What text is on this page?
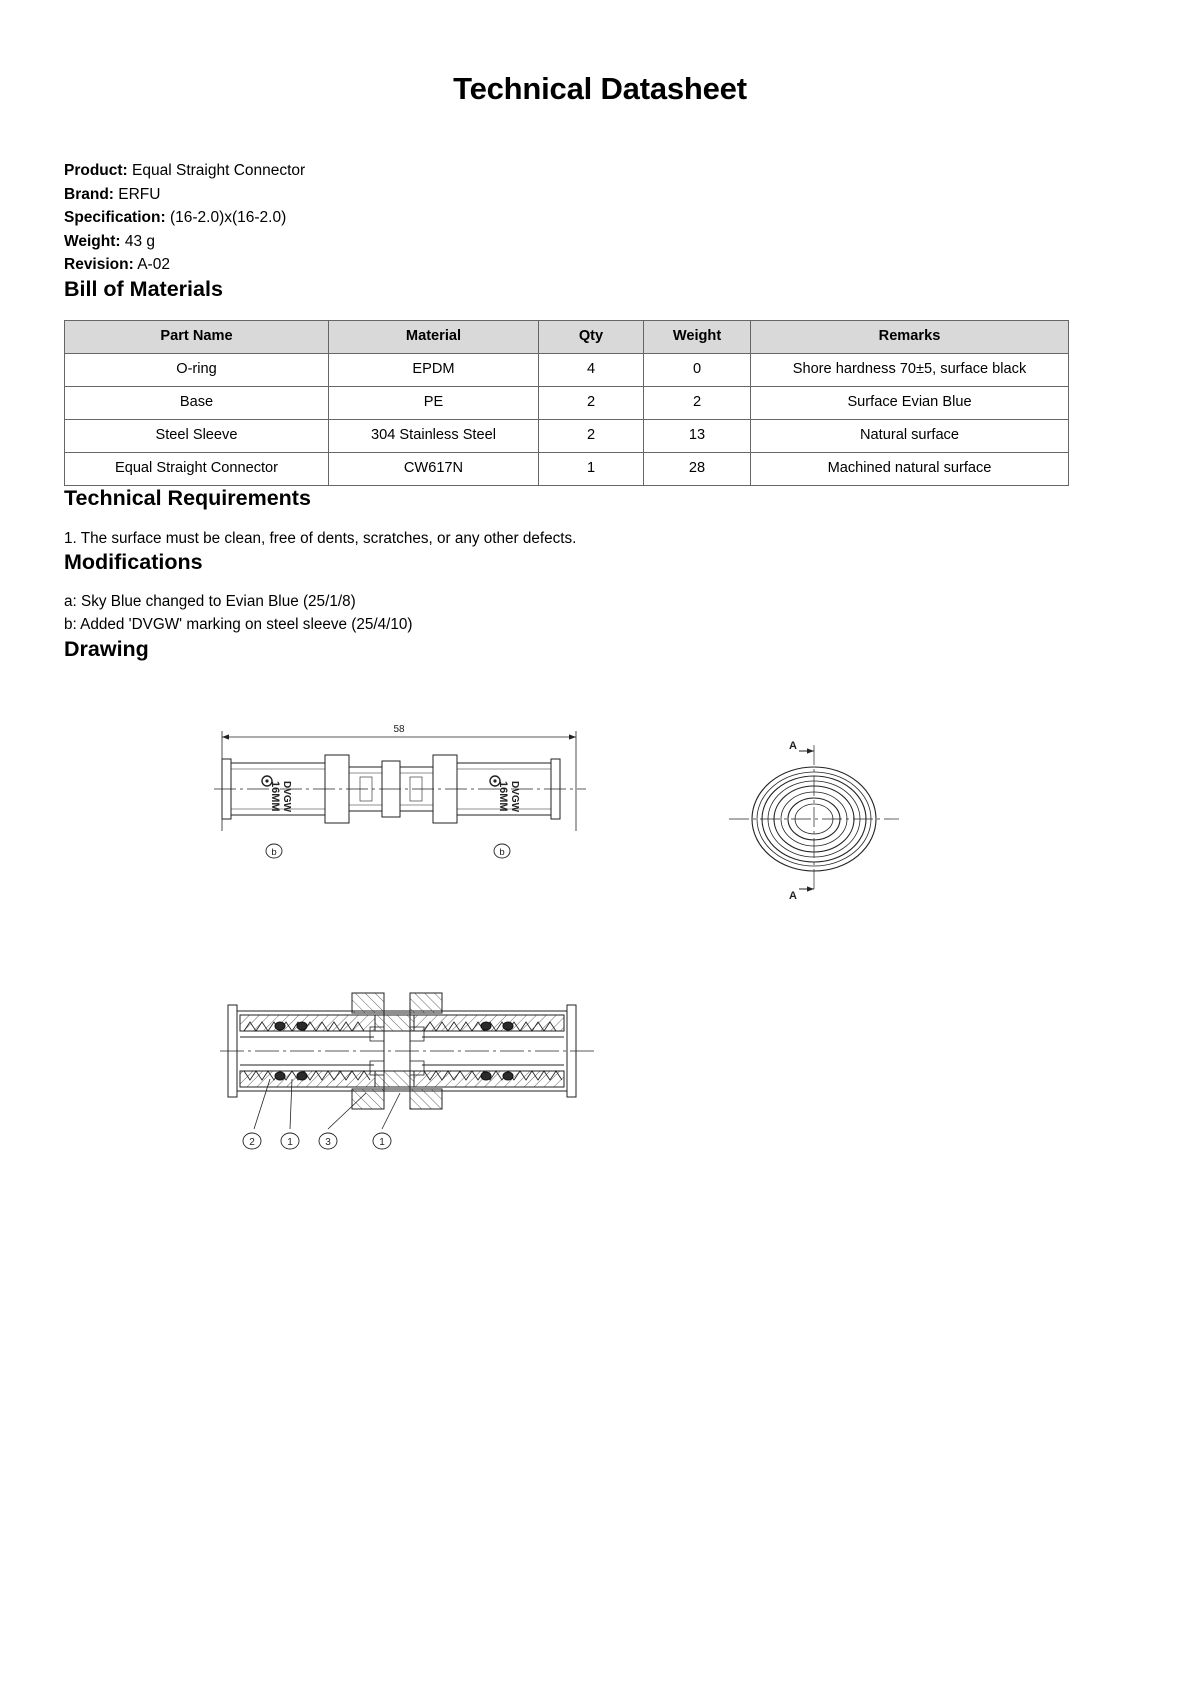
Technical Datasheet
Product: Equal Straight Connector
Brand: ERFU
Specification: (16-2.0)x(16-2.0)
Weight: 43 g
Revision: A-02
Bill of Materials
Part Name	Material	Qty	Weight	Remarks
O-ring	EPDM	4	0	Shore hardness 70±5, surface black
Base	PE	2	2	Surface Evian Blue
Steel Sleeve	304 Stainless Steel	2	13	Natural surface
Equal Straight Connector	CW617N	1	28	Machined natural surface
Technical Requirements

1. The surface must be clean, free of dents, scratches, or any other defects.

Modifications

a: Sky Blue changed to Evian Blue (25/1/8)
b: Added 'DVGW' marking on steel sleeve (25/4/10)

Drawing
16MM DVGW	16MM DVGW
58
b	b
A
A
2	1	3	1
